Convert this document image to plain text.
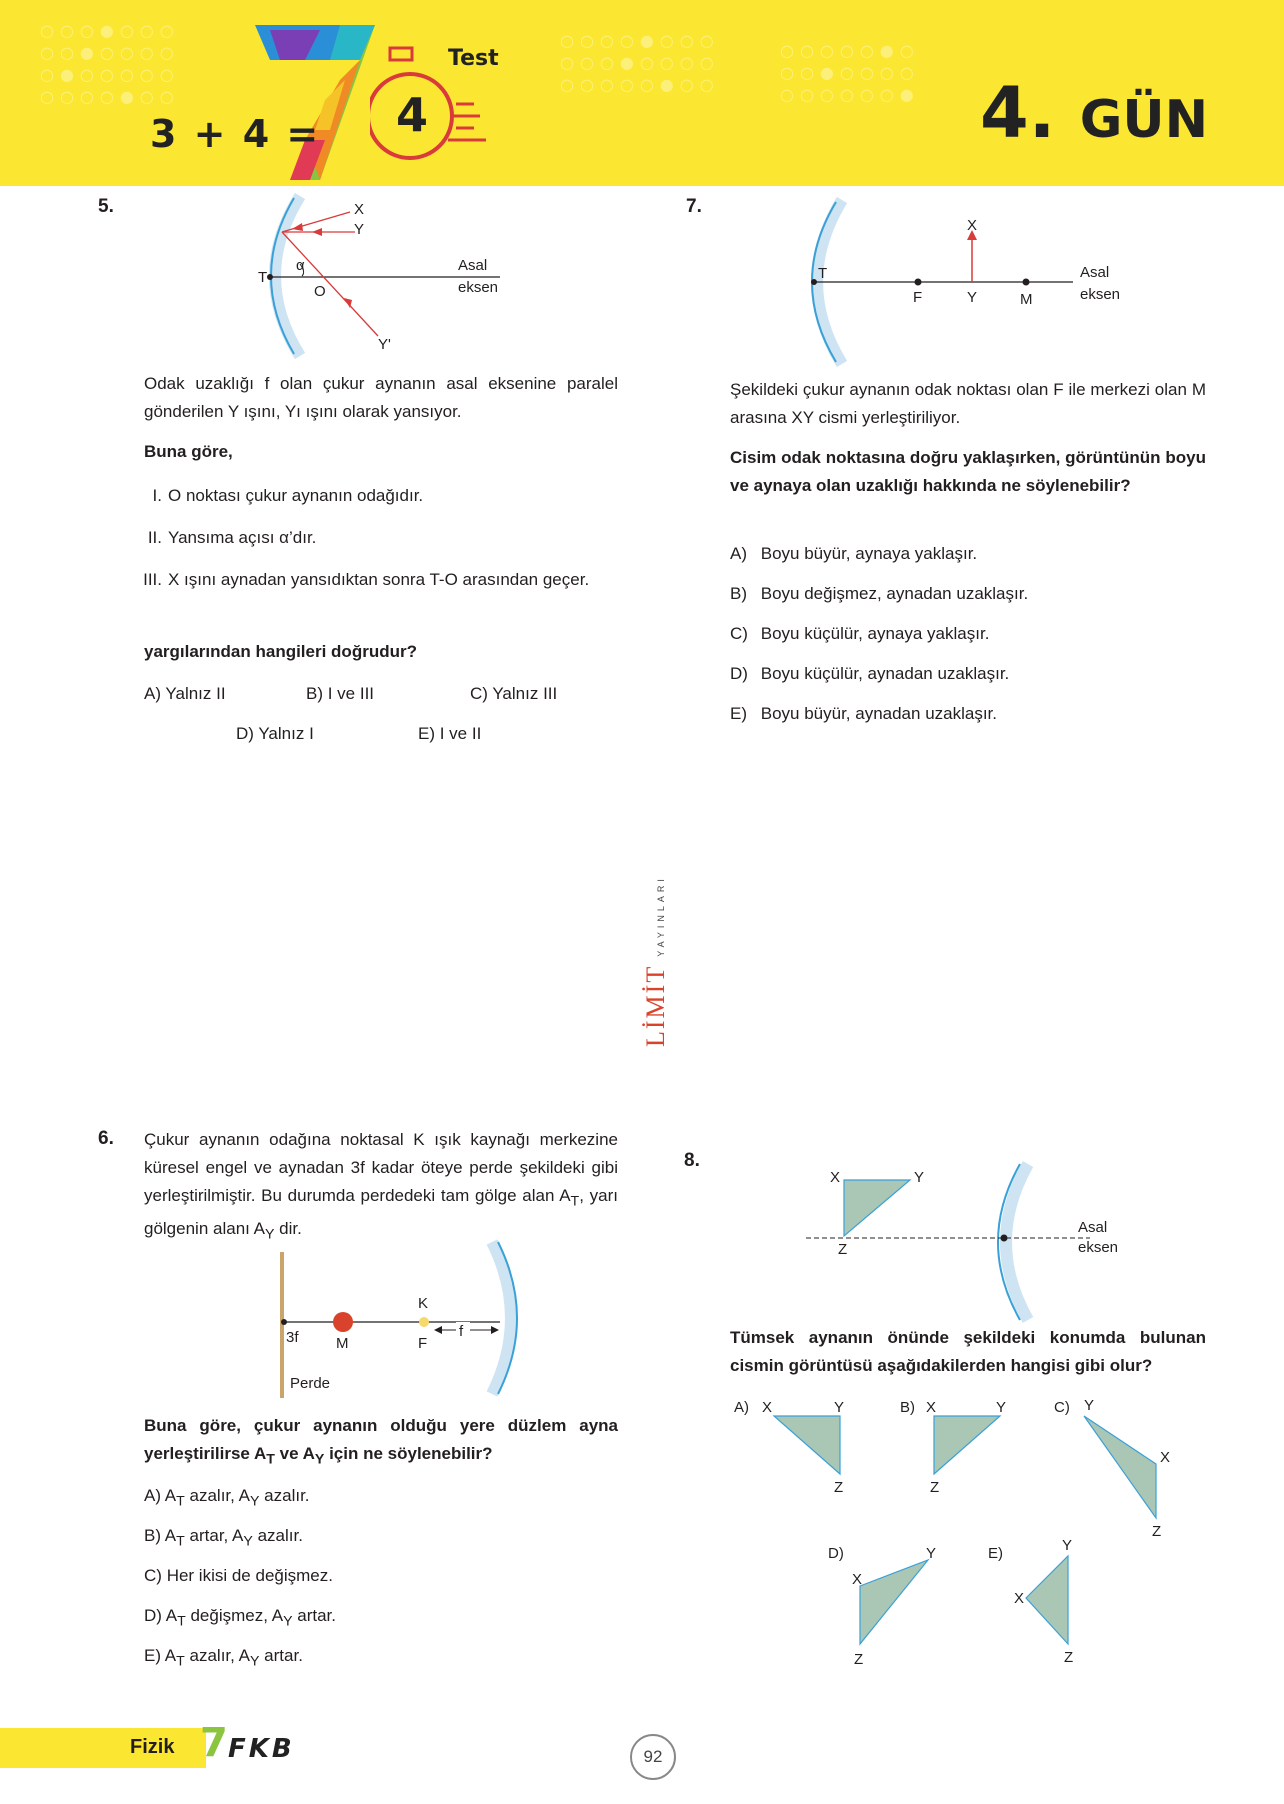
○○○●○○○
○○●○○○○
○●○○○○○
○○○○●○○
○○○○●○○○
○○○●○○○○
○○○○○●○○
○○○○○●○
○○●○○○○
○○○○○○●
3 + 4 =
Test
4	4. GÜN
LİMİT YAYINLARI
5.	X
Y
T
α
O
Y'
Asal
eksen
Odak uzaklığı f olan çukur aynanın asal eksenine paralel gönderilen Y ışını, Yı ışını olarak yansıyor.
Buna göre,
I. O noktası çukur aynanın odağıdır.
II. Yansıma açısı α’dır.
III. X ışını aynadan yansıdıktan sonra T-O arasından geçer.
yargılarından hangileri doğrudur?
A) Yalnız II	B) I ve III	C) Yalnız III
D) Yalnız I	E) I ve II
7.
X
T
F	Y	M
Asal
eksen
Şekildeki çukur aynanın odak noktası olan F ile merkezi olan M arasına XY cismi yerleştiriliyor.
Cisim odak noktasına doğru yaklaşırken, görüntünün boyu ve aynaya olan uzaklığı hakkında ne söylenebilir?
A) Boyu büyür, aynaya yaklaşır.
B) Boyu değişmez, aynadan uzaklaşır.
C) Boyu küçülür, aynaya yaklaşır.
D) Boyu küçülür, aynadan uzaklaşır.
E) Boyu büyür, aynadan uzaklaşır.
6. Çukur aynanın odağına noktasal K ışık kaynağı merkezine küresel engel ve aynadan 3f kadar öteye perde şekildeki gibi yerleştirilmiştir. Bu durumda perdedeki tam gölge alan $A_T$, yarı gölgenin alanı $A_Y$ dir.
K
3f M	F
f
Perde
Buna göre, çukur aynanın olduğu yere düzlem ayna yerleştirilirse $A_T$ ve $A_Y$ için ne söylenebilir?
A) $A_T$ azalır, $A_Y$ azalır.
B) $A_T$ artar, $A_Y$ azalır.
C) Her ikisi de değişmez.
D) $A_T$ değişmez, $A_Y$ artar.
E) $A_T$ azalır, $A_Y$ artar.
8.
X	Y
Z
Asal
eksen
Tümsek aynanın önünde şekildeki konumda bulunan cismin görüntüsü aşağıdakilerden hangisi gibi olur?
A) X	Y
Z
B) X	Y
Z
C) Y
X
Z
D)
X
Y
Z
E)
X
Y
Z
Fizik 7 FKB	92
